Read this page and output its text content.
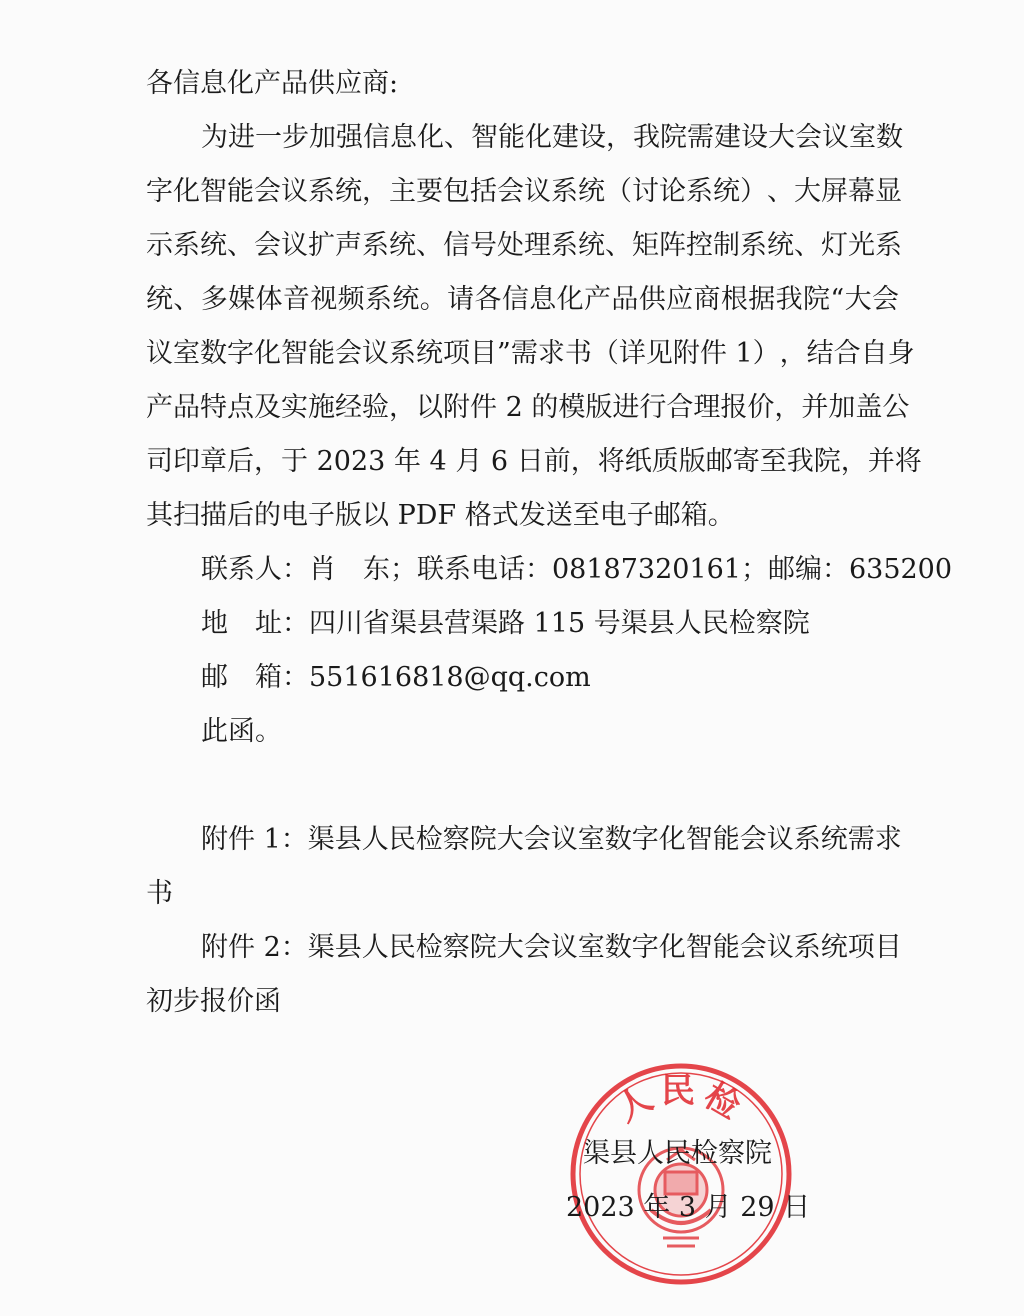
各信息化产品供应商:
为 进 一 步 加 强 信 息 化 、 智 能 化 建 设 ， 我 院 需 建 设 大 会 议 室 数
字 化 智 能 会 议 系 统 ， 主 要 包 括 会 议 系 统 （ 讨 论 系 统 ） 、 大 屏 幕 显
示 系 统 、 会 议 扩 声 系 统 、 信 号 处 理 系 统 、 矩 阵 控 制 系 统 、 灯 光 系
统 、 多 媒 体 音 视 频 系 统 。 请 各 信 息 化 产 品 供 应 商 根 据 我 院 “ 大 会
议 室 数 字 化 智 能 会 议 系 统 项 目 ” 需 求 书 （ 详 见 附 件
1 ） ， 结 合 自 身
产 品 特 点 及 实 施 经 验 ， 以 附 件
2
的 模 版 进 行 合 理 报 价 ， 并 加 盖 公
司 印 章 后 ， 于
2 0 2 3
年
4
月
6
日 前 ， 将 纸 质 版 邮 寄 至 我 院 ， 并 将
其扫描后的电子版以 PDF 格式发送至电子邮箱。
联系人：肖　东；联系电话：08187320161；邮编：635200
地　址：四川省渠县营渠路 115 号渠县人民检察院
邮　箱：551616818@qq.com
此函。
附件 1：渠县人民检察院大会议室数字化智能会议系统需求
书
附件 2：渠县人民检察院大会议室数字化智能会议系统项目
初步报价函
人民检
渠县人民检察院
2023 年 3 月 29 日
